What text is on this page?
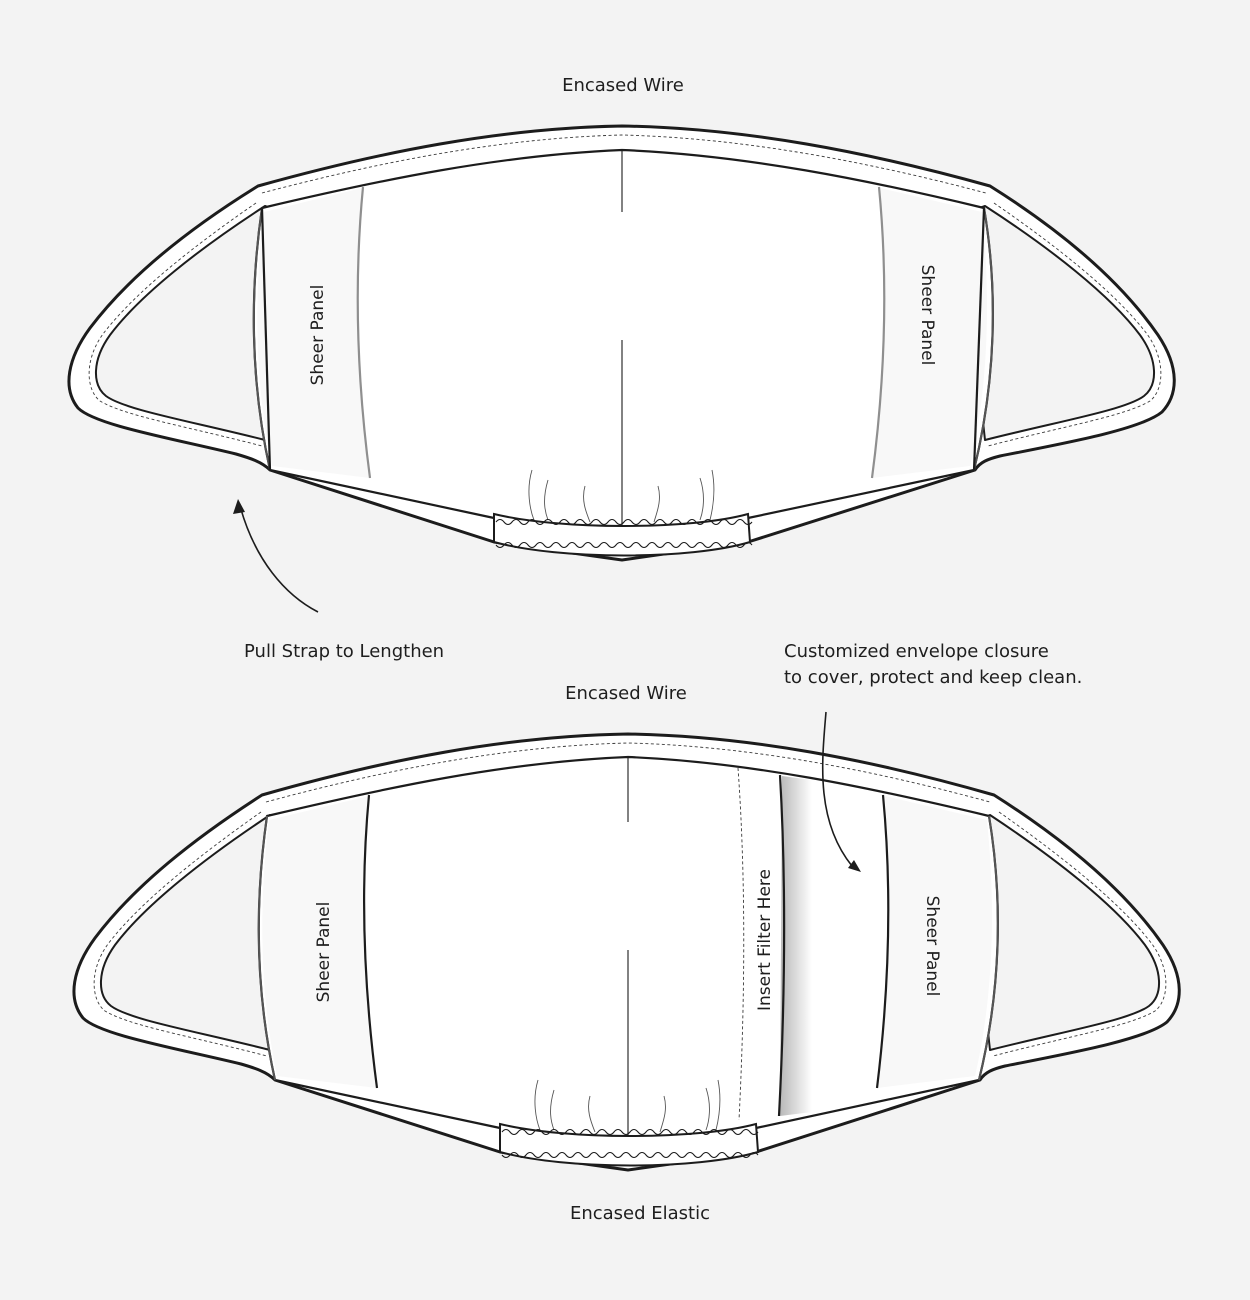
Sheer Panel	Sheer Panel
Sheer Panel	Sheer Panel
Insert Filter Here
Encased Wire
Pull Strap to Lengthen	Customized envelope closure
to cover, protect and keep clean.
Encased Wire
Encased Elastic
